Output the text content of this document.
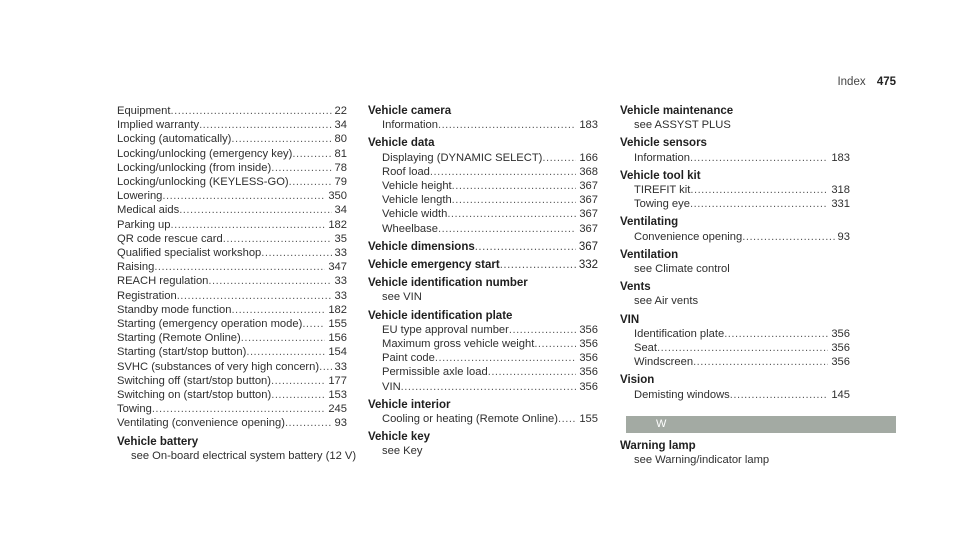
Index 475
Equipment .....	22
Implied warranty .....	34
Locking (automatically) .....	80
Locking/unlocking (emergency key) .....	81
Locking/unlocking (from inside) .....	78
Locking/unlocking (KEYLESS-GO) .....	79
Lowering .....	350
Medical aids .....	34
Parking up .....	182
QR code rescue card .....	35
Qualified specialist workshop .....	33
Raising .....	347
REACH regulation .....	33
Registration .....	33
Standby mode function .....	182
Starting (emergency operation mode) ..... 155
Starting (Remote Online) .....	156
Starting (start/stop button) .....	154
SVHC (substances of very high concern) ..... 33
Switching off (start/stop button) .....	177
Switching on (start/stop button) .....	153
Towing .....	245
Ventilating (convenience opening) .....	93
Vehicle battery
see On-board electrical system battery (12 V)
Vehicle camera
Information .....	183
Vehicle data
Displaying (DYNAMIC SELECT) .....	166
Roof load .....	368
Vehicle height .....	367
Vehicle length .....	367
Vehicle width .....	367
Wheelbase .....	367
Vehicle dimensions .....	367
Vehicle emergency start .....	332
Vehicle identification number
see VIN
Vehicle identification plate
EU type approval number .....	356
Maximum gross vehicle weight .....	356
Paint code .....	356
Permissible axle load .....	356
VIN .....	356
Vehicle interior
Cooling or heating (Remote Online) ..... 155
Vehicle key
see Key
Vehicle maintenance
see ASSYST PLUS
Vehicle sensors
Information .....	183
Vehicle tool kit
TIREFIT kit .....	318
Towing eye .....	331
Ventilating
Convenience opening .....	93
Ventilation
see Climate control
Vents
see Air vents
VIN
Identification plate .....	356
Seat .....	356
Windscreen .....	356
Vision
Demisting windows .....	145
W
Warning lamp
see Warning/indicator lamp
